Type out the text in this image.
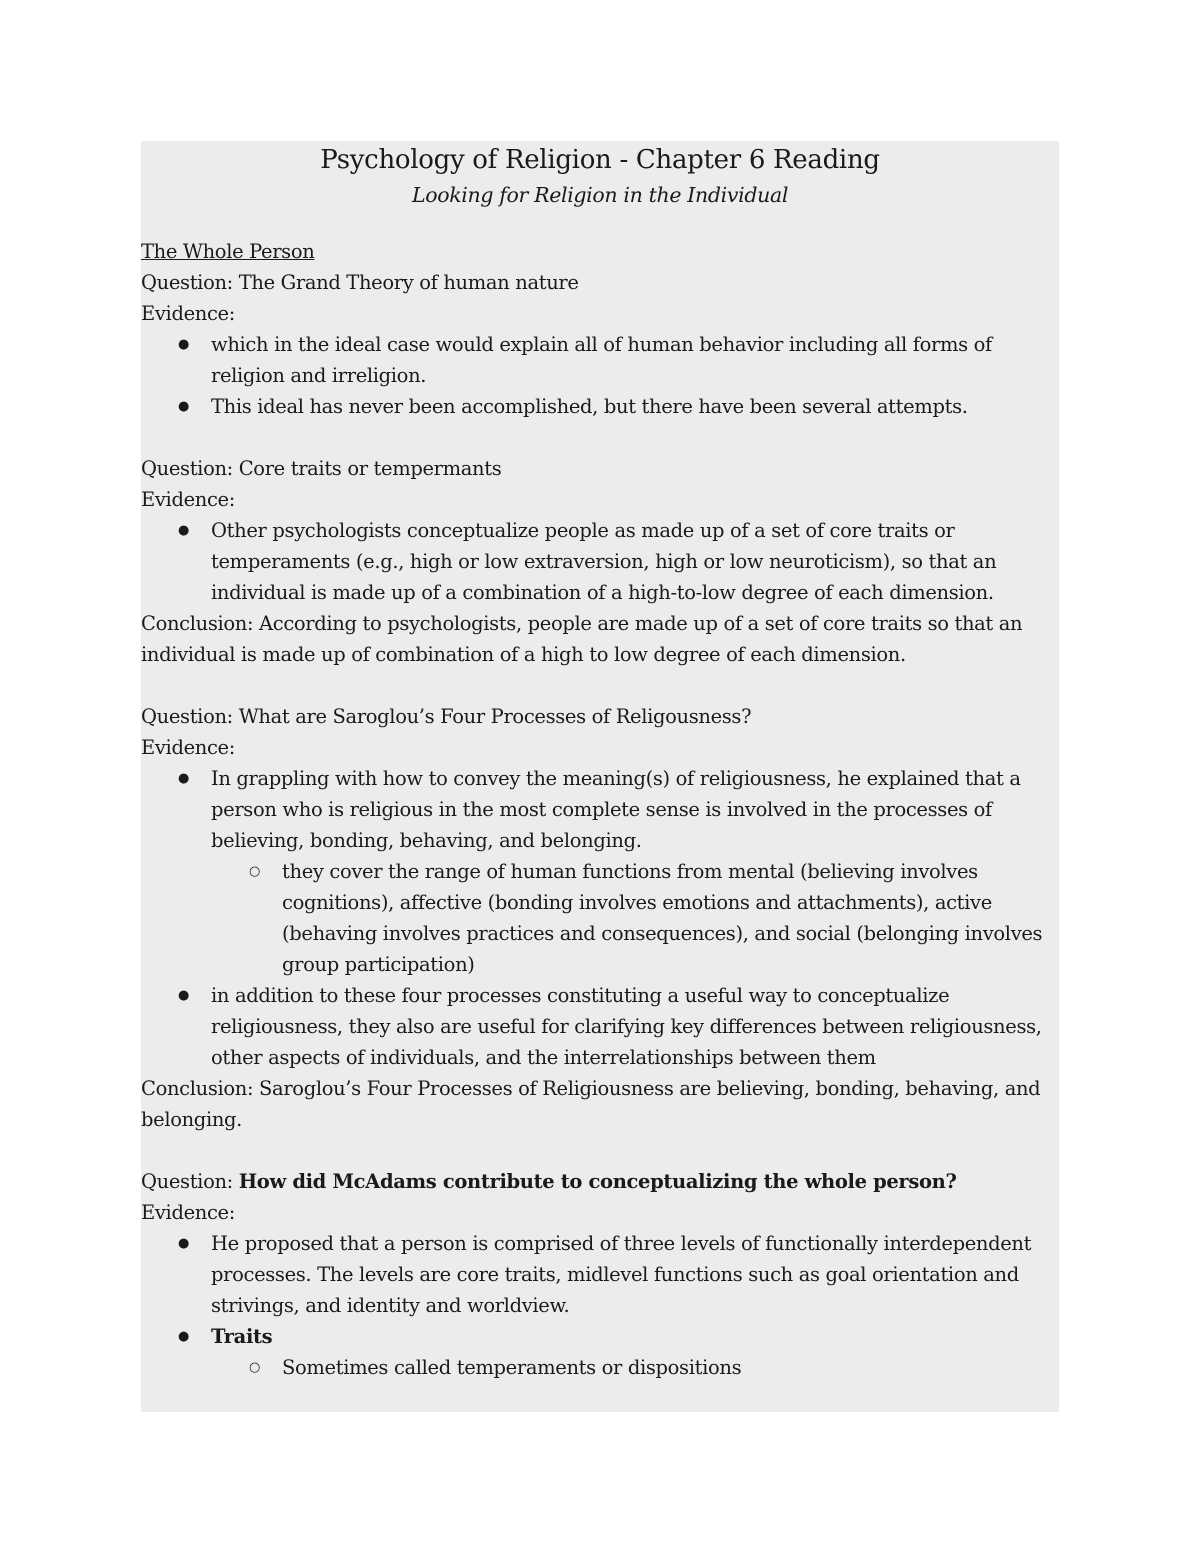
Psychology of Religion - Chapter 6 Reading
Looking for Religion in the Individual

The Whole Person

Question: The Grand Theory of human nature

Evidence:

● which in the ideal case would explain all of human behavior including all forms of religion and irreligion.
● This ideal has never been accomplished, but there have been several attempts.

Question: Core traits or tempermants

Evidence:

● Other psychologists conceptualize people as made up of a set of core traits or temperaments (e.g., high or low extraversion, high or low neuroticism), so that an individual is made up of a combination of a high-to-low degree of each dimension.

Conclusion: According to psychologists, people are made up of a set of core traits so that an individual is made up of combination of a high to low degree of each dimension.

Question: What are Saroglou’s Four Processes of Religousness?

Evidence:

● In grappling with how to convey the meaning(s) of religiousness, he explained that a person who is religious in the most complete sense is involved in the processes of believing, bonding, behaving, and belonging.
○ they cover the range of human functions from mental (believing involves cognitions), affective (bonding involves emotions and attachments), active (behaving involves practices and consequences), and social (belonging involves group participation)
● in addition to these four processes constituting a useful way to conceptualize religiousness, they also are useful for clarifying key differences between religiousness, other aspects of individuals, and the interrelationships between them

Conclusion: Saroglou’s Four Processes of Religiousness are believing, bonding, behaving, and belonging.

Question: How did McAdams contribute to conceptualizing the whole person?

Evidence:

● He proposed that a person is comprised of three levels of functionally interdependent processes. The levels are core traits, midlevel functions such as goal orientation and strivings, and identity and worldview.
● Traits
○ Sometimes called temperaments or dispositions
